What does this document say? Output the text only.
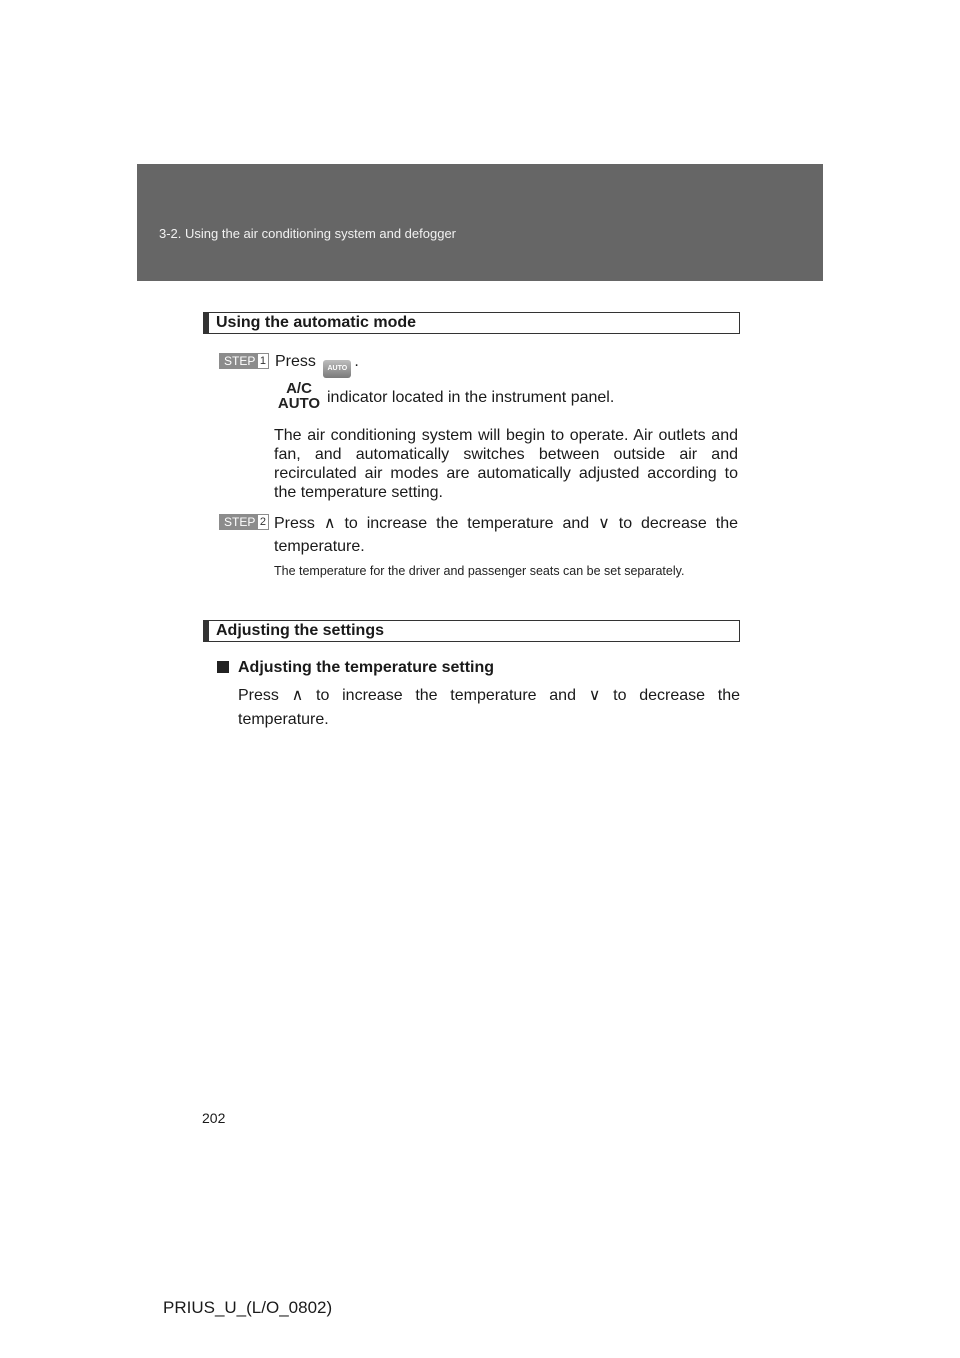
3-2. Using the air conditioning system and defogger
Using the automatic mode
STEP 1 Press AUTO .
A/C
AUTO indicator located in the instrument panel.
The air conditioning system will begin to operate. Air outlets and fan, and automatically switches between outside air and recirculated air modes are automatically adjusted according to the temperature setting.
STEP 2 Press ∧ to increase the temperature and ∨ to decrease the temperature.
The temperature for the driver and passenger seats can be set separately.
Adjusting the settings
Adjusting the temperature setting
Press ∧ to increase the temperature and ∨ to decrease the temperature.
202
PRIUS_U_(L/O_0802)
